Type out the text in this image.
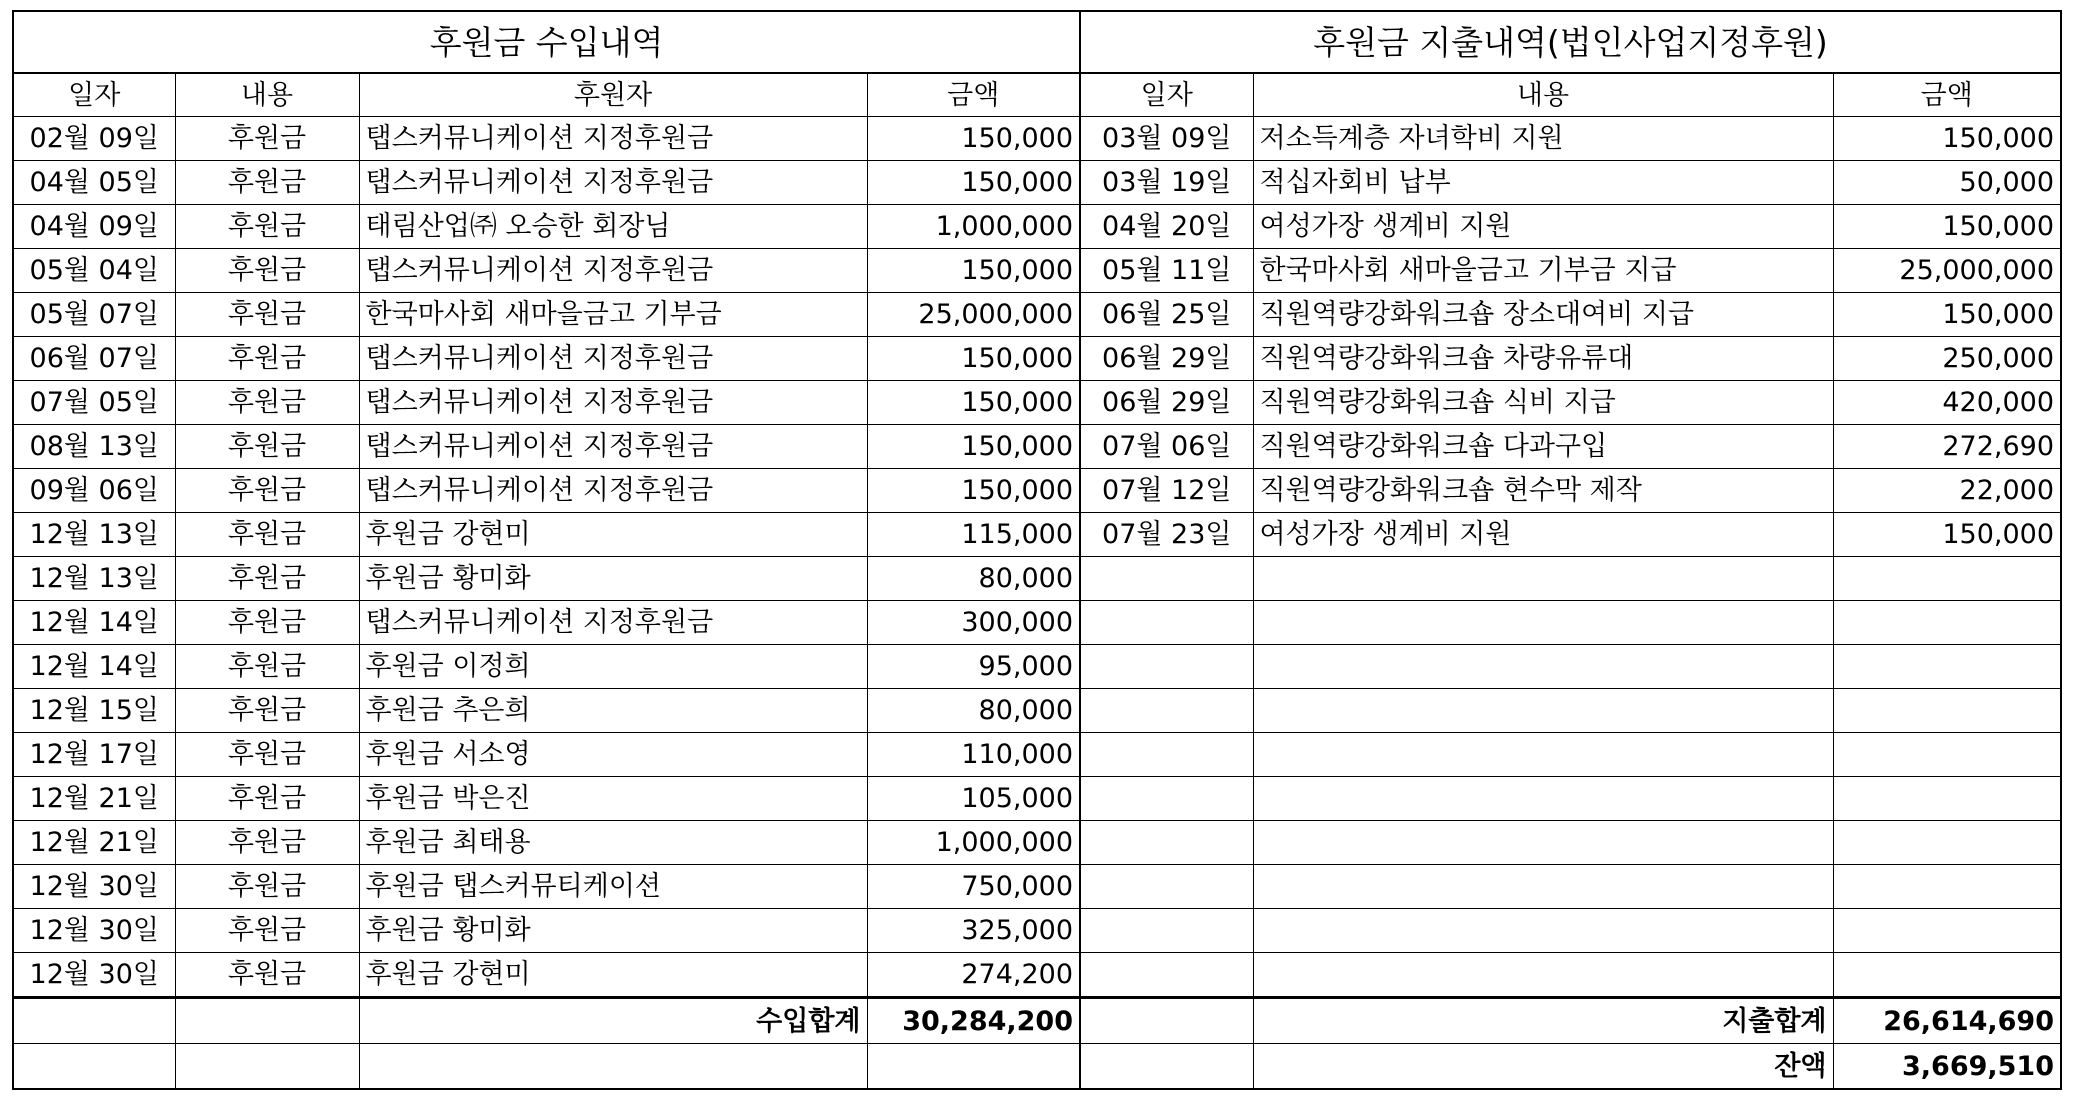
후원금 수입내역				후원금 지출내역(법인사업지정후원)		
일자	내용	후원자	금액	일자	내용	금액
02월 09일	후원금	탭스커뮤니케이션 지정후원금	150,000	03월 09일	저소득계층 자녀학비 지원	150,000
04월 05일	후원금	탭스커뮤니케이션 지정후원금	150,000	03월 19일	적십자회비 납부	50,000
04월 09일	후원금	태림산업㈜ 오승한 회장님	1,000,000	04월 20일	여성가장 생계비 지원	150,000
05월 04일	후원금	탭스커뮤니케이션 지정후원금	150,000	05월 11일	한국마사회 새마을금고 기부금 지급	25,000,000
05월 07일	후원금	한국마사회 새마을금고 기부금	25,000,000	06월 25일	직원역량강화워크숍 장소대여비 지급	150,000
06월 07일	후원금	탭스커뮤니케이션 지정후원금	150,000	06월 29일	직원역량강화워크숍 차량유류대	250,000
07월 05일	후원금	탭스커뮤니케이션 지정후원금	150,000	06월 29일	직원역량강화워크숍 식비 지급	420,000
08월 13일	후원금	탭스커뮤니케이션 지정후원금	150,000	07월 06일	직원역량강화워크숍 다과구입	272,690
09월 06일	후원금	탭스커뮤니케이션 지정후원금	150,000	07월 12일	직원역량강화워크숍 현수막 제작	22,000
12월 13일	후원금	후원금 강현미	115,000	07월 23일	여성가장 생계비 지원	150,000
12월 13일	후원금	후원금 황미화	80,000			
12월 14일	후원금	탭스커뮤니케이션 지정후원금	300,000			
12월 14일	후원금	후원금 이정희	95,000			
12월 15일	후원금	후원금 추은희	80,000			
12월 17일	후원금	후원금 서소영	110,000			
12월 21일	후원금	후원금 박은진	105,000			
12월 21일	후원금	후원금 최태용	1,000,000			
12월 30일	후원금	후원금 탭스커뮤티케이션	750,000			
12월 30일	후원금	후원금 황미화	325,000			
12월 30일	후원금	후원금 강현미	274,200			
		수입합계	30,284,200		지출합계	26,614,690
					잔액	3,669,510
